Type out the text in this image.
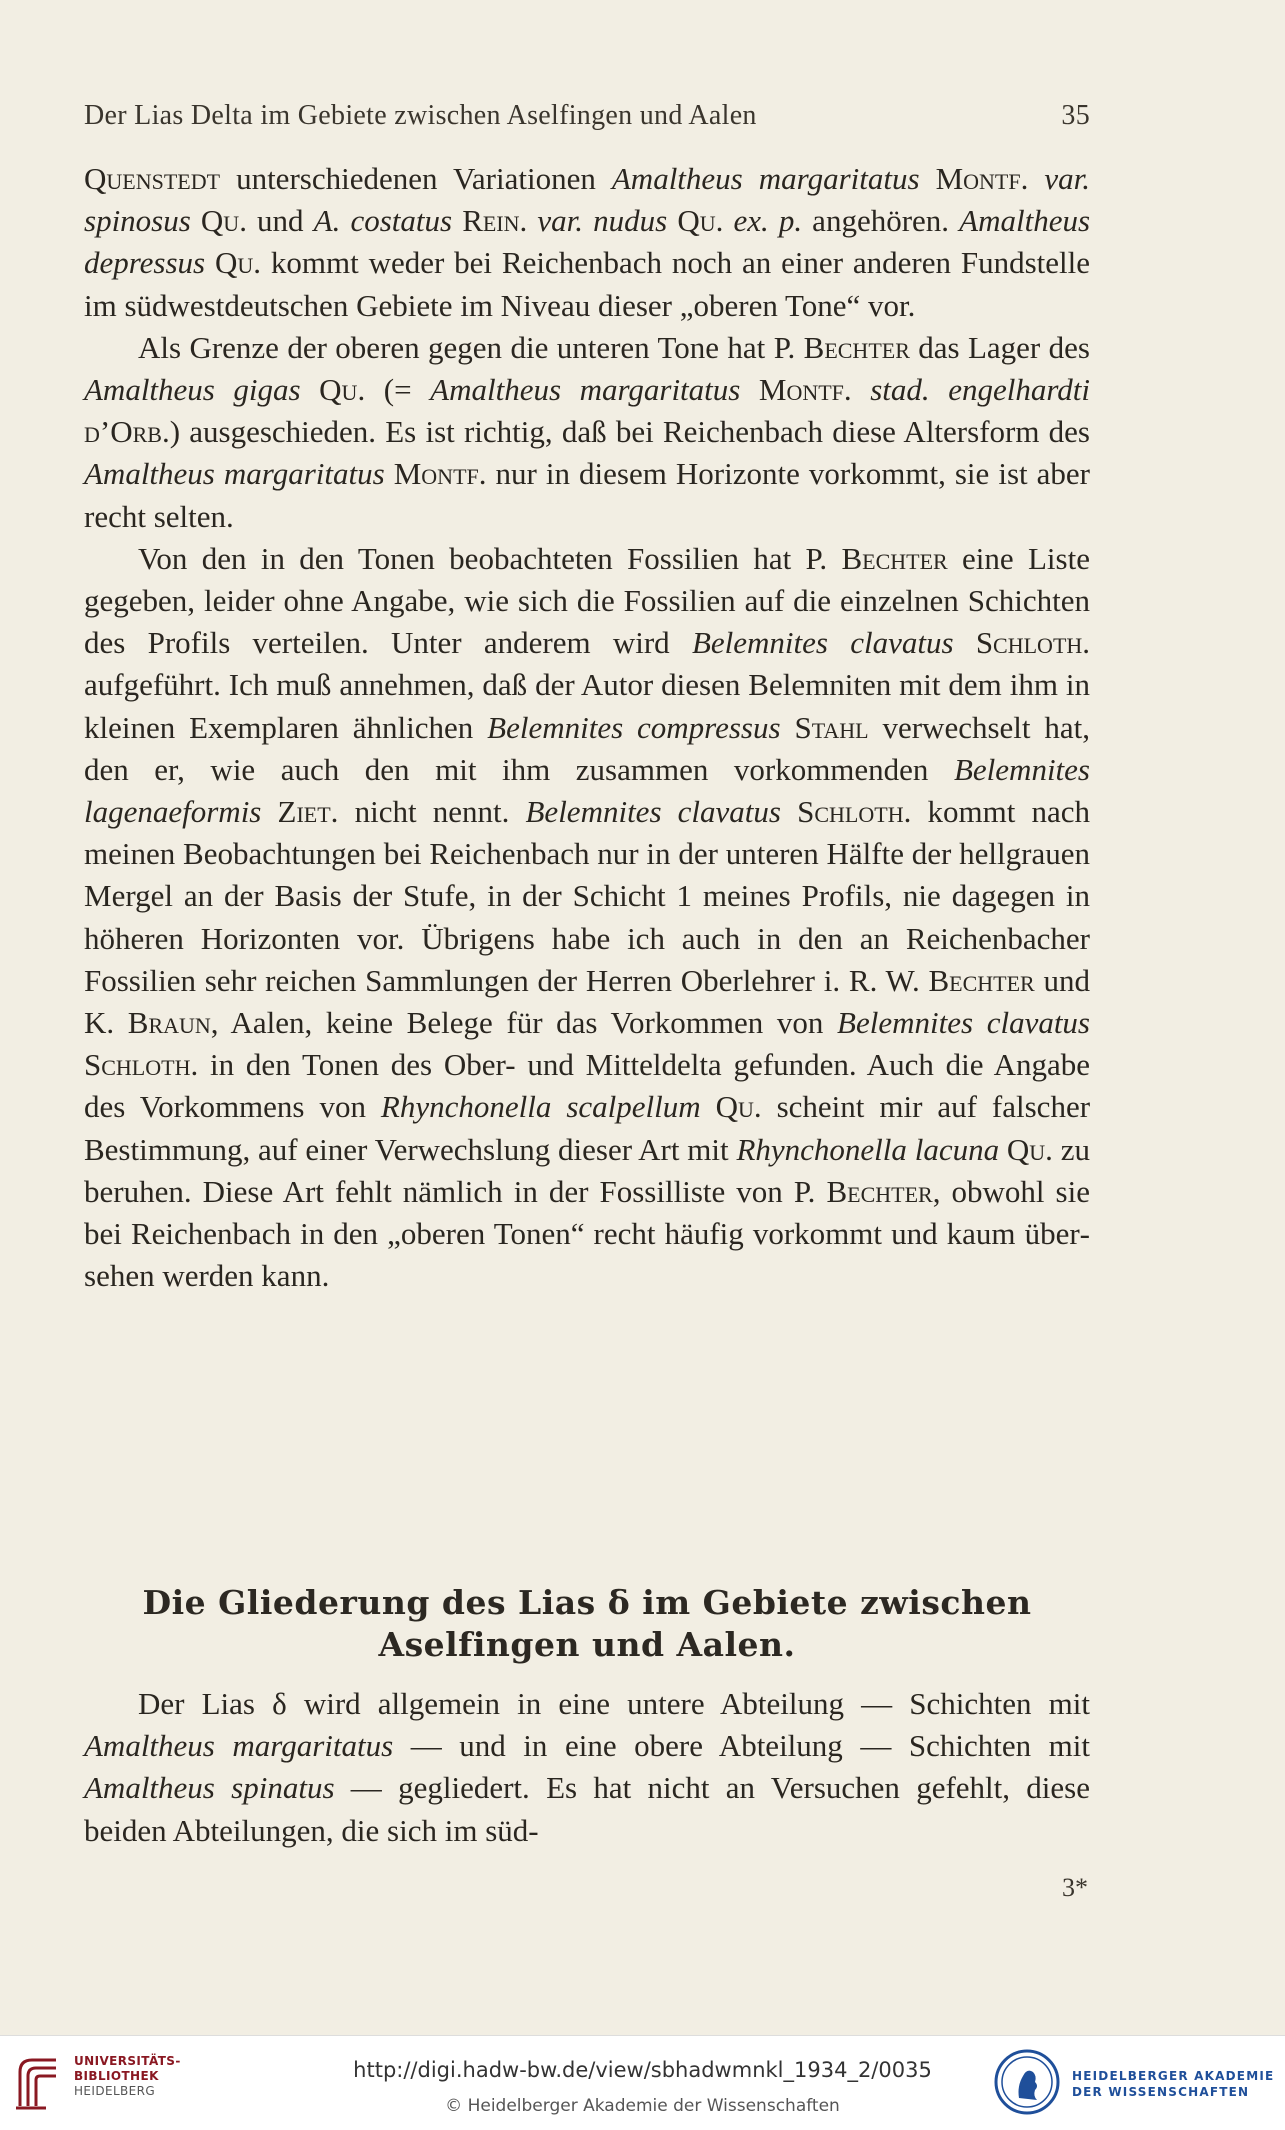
Der Lias Delta im Gebiete zwischen Aselfingen und Aalen	35

Quenstedt unterschiedenen Variationen Amaltheus margaritatus Montf. var. spinosus Qu. und A. costatus Rein. var. nudus Qu. ex. p. angehören. Amaltheus depressus Qu. kommt weder bei Reichenbach noch an einer anderen Fundstelle im südwestdeutschen Gebiete im Niveau dieser „oberen Tone“ vor.

Als Grenze der oberen gegen die unteren Tone hat P. Bechter das Lager des Amaltheus gigas Qu. (= Amaltheus margaritatus Montf. stad. engelhardti d’Orb.) ausgeschieden. Es ist richtig, daß bei Reichenbach diese Altersform des Amaltheus margaritatus Montf. nur in diesem Horizonte vorkommt, sie ist aber recht selten.

Von den in den Tonen beobachteten Fossilien hat P. Bechter eine Liste gegeben, leider ohne Angabe, wie sich die Fossilien auf die einzelnen Schichten des Profils verteilen. Unter anderem wird Belemnites clavatus Schloth. aufgeführt. Ich muß annehmen, daß der Autor diesen Belemniten mit dem ihm in kleinen Exemplaren ähnlichen Belemnites compressus Stahl verwechselt hat, den er, wie auch den mit ihm zusammen vorkommenden Belemnites lagenaeformis Ziet. nicht nennt. Belemnites clavatus Schloth. kommt nach meinen Beobachtungen bei Reichenbach nur in der unteren Hälfte der hellgrauen Mergel an der Basis der Stufe, in der Schicht 1 meines Profils, nie dagegen in höheren Horizonten vor. Übrigens habe ich auch in den an Reichenbacher Fossilien sehr reichen Sammlungen der Herren Oberlehrer i. R. W. Bechter und K. Braun, Aalen, keine Belege für das Vorkommen von Belemnites clavatus Schloth. in den Tonen des Ober- und Mitteldelta gefunden. Auch die Angabe des Vorkommens von Rhynchonella scalpellum Qu. scheint mir auf falscher Bestimmung, auf einer Verwechslung dieser Art mit Rhynchonella lacuna Qu. zu beruhen. Diese Art fehlt nämlich in der Fossilliste von P. Bechter, obwohl sie bei Reichenbach in den „oberen Tonen“ recht häufig vorkommt und kaum übersehen werden kann.

Die Gliederung des Lias δ im Gebiete zwischen
Aselfingen und Aalen.

Der Lias δ wird allgemein in eine untere Abteilung — Schichten mit Amaltheus margaritatus — und in eine obere Abteilung — Schichten mit Amaltheus spinatus — gegliedert. Es hat nicht an Versuchen gefehlt, diese beiden Abteilungen, die sich im süd-

3*
UNIVERSITÄTS-
BIBLIOTHEK
HEIDELBERG
http://digi.hadw-bw.de/view/sbhadwmnkl_1934_2/0035
© Heidelberger Akademie der Wissenschaften
HEIDELBERGER AKADEMIE
DER WISSENSCHAFTEN
